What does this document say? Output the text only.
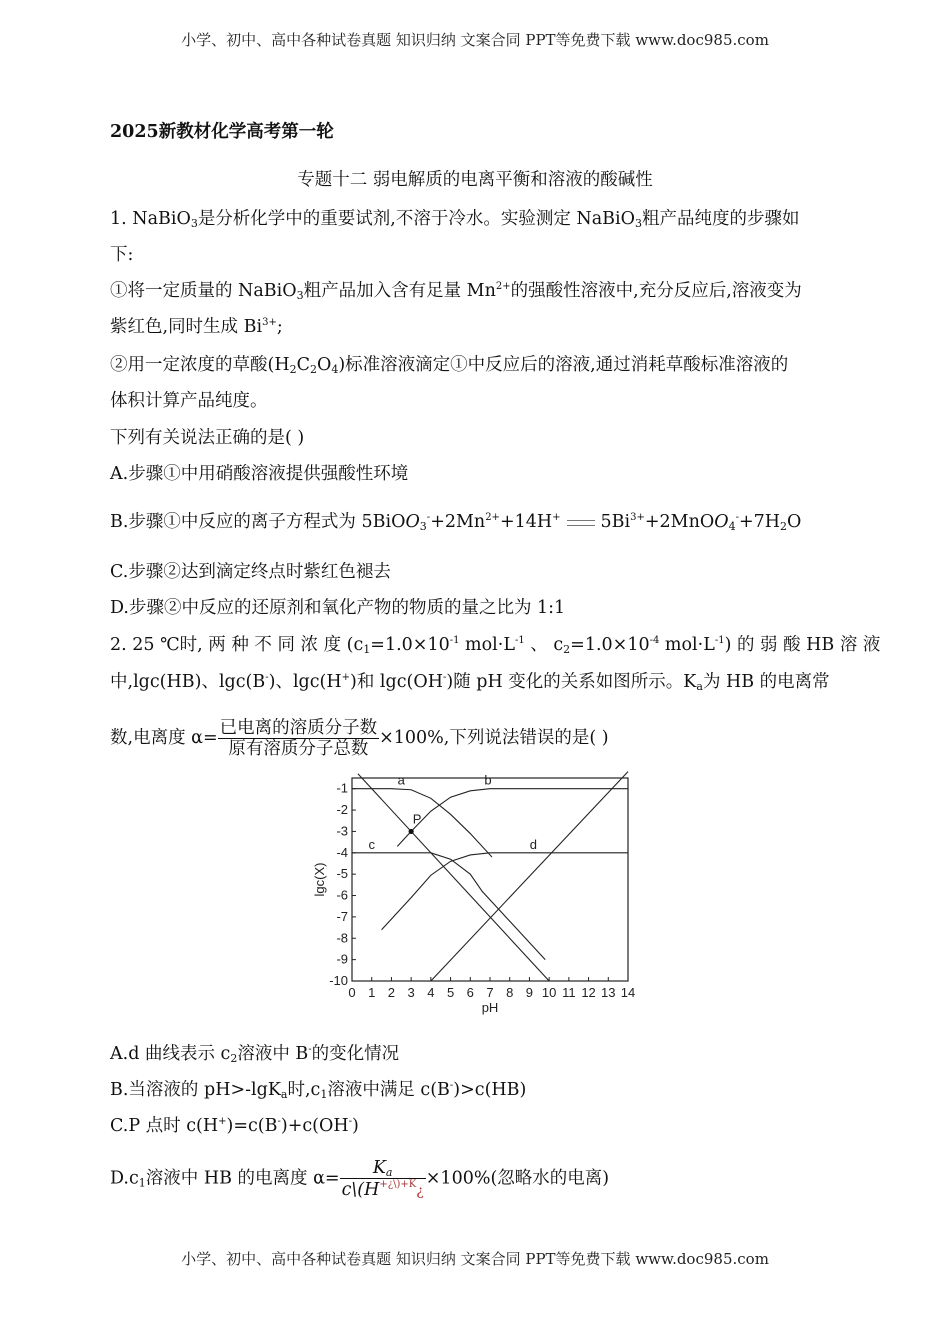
小学、初中、高中各种试卷真题 知识归纳 文案合同 PPT等免费下载 www.doc985.com
2025新教材化学高考第一轮
专题十二 弱电解质的电离平衡和溶液的酸碱性
1. NaBiO$_3$是分析化学中的重要试剂,不溶于冷水。实验测定 NaBiO$_3$粗产品纯度的步骤如
下:
①将一定质量的 NaBiO$_3$粗产品加入含有足量 $Mn^{2+}$的强酸性溶液中,充分反应后,溶液变为
紫红色,同时生成 $Bi^{3+}$;
②用一定浓度的草酸$(H_2C_2O_4)$标准溶液滴定①中反应后的溶液,通过消耗草酸标准溶液的
体积计算产品纯度。
下列有关说法正确的是( )
A.步骤①中用硝酸溶液提供强酸性环境
B.步骤①中反应的离子方程式为 $5BiOO_3^-+2Mn^{2+}+14H^+$ $5Bi^{3+}+2MnOO_4^-+7H_2O$
C.步骤②达到滴定终点时紫红色褪去
D.步骤②中反应的还原剂和氧化产物的物质的量之比为 1:1
2. 25 ℃时, 两 种 不 同 浓 度 ($c_1=1.0\times 10^{-1}$ $mol\cdot L^{-1}$ 、 $c_2=1.0\times 10^{-4}$ $mol\cdot L^{-1}$) 的 弱 酸 HB 溶 液
中,lgc(HB)、lgc(B-)、lgc(H+)和 lgc(OH-)随 pH 变化的关系如图所示。$K_a$为 HB 的电离常
数,电离度 $\alpha= \frac{\text{已电离的溶质分子数}}{\text{原有溶质分子总数}} \times 100\%$,下列说法错误的是( )
0 1 2 3 4 5 6 7 8 9 10 11 12 13 14
-1
-2
-3
-4
-5
-6
-7
-8
-9
-10
pH
lgc(X)
a	b
c	d
P
A.d 曲线表示 $c_2$溶液中 B-的变化情况
B.当溶液的 pH>-lgK$_a$时$,c_1$溶液中满足 c(B-)>c(HB)
C.P 点时 c(H+)=c(B-)+c(OH-)
$D.c_1$溶液中 HB 的电离度 $\alpha= \frac{K_a}{c\backslash(H^{+¿\backslash)+K}¿} \times 100\%$(忽略水的电离)
小学、初中、高中各种试卷真题 知识归纳 文案合同 PPT等免费下载 www.doc985.com
